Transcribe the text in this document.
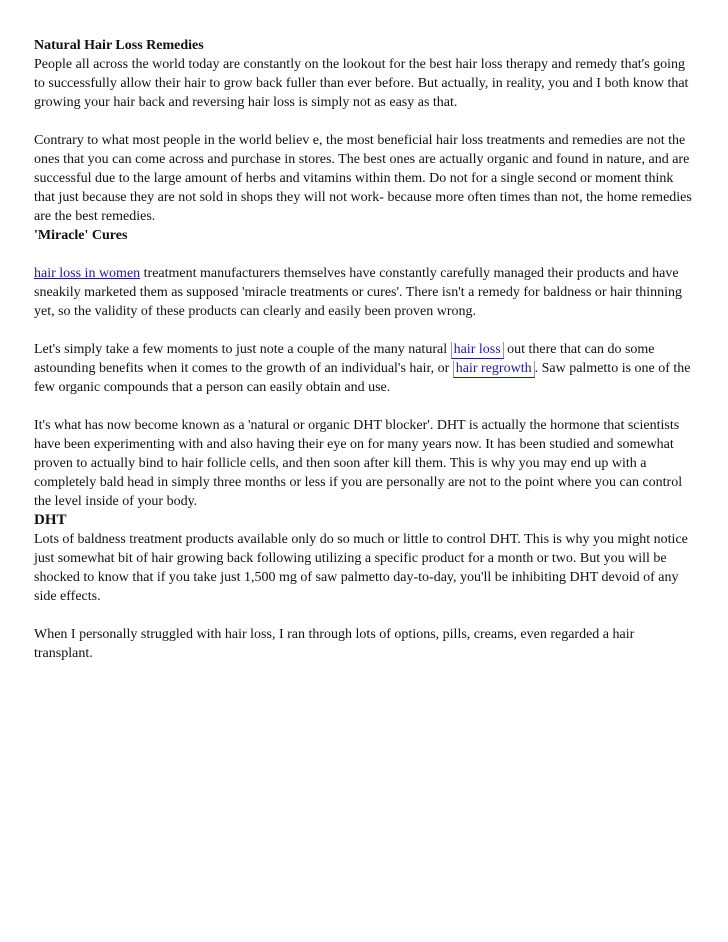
Natural Hair Loss Remedies

People all across the world today are constantly on the lookout for the best hair loss therapy and remedy that's going to successfully allow their hair to grow back fuller than ever before. But actually, in reality, you and I both know that growing your hair back and reversing hair loss is simply not as easy as that.

Contrary to what most people in the world believ e, the most beneficial hair loss treatments and remedies are not the ones that you can come across and purchase in stores. The best ones are actually organic and found in nature, and are successful due to the large amount of herbs and vitamins within them. Do not for a single second or moment think that just because they are not sold in shops they will not work- because more often times than not, the home remedies are the best remedies.

'Miracle' Cures

hair loss in women treatment manufacturers themselves have constantly carefully managed their products and have sneakily marketed them as supposed 'miracle treatments or cures'. There isn't a remedy for baldness or hair thinning yet, so the validity of these products can clearly and easily been proven wrong.

Let's simply take a few moments to just note a couple of the many natural hair loss out there that can do some astounding benefits when it comes to the growth of an individual's hair, or hair regrowth . Saw palmetto is one of the few organic compounds that a person can easily obtain and use.

It's what has now become known as a 'natural or organic DHT blocker'. DHT is actually the hormone that scientists have been experimenting with and also having their eye on for many years now. It has been studied and somewhat proven to actually bind to hair follicle cells, and then soon after kill them. This is why you may end up with a completely bald head in simply three months or less if you are personally are not to the point where you can control the level inside of your body.

DHT

Lots of baldness treatment products available only do so much or little to control DHT. This is why you might notice just somewhat bit of hair growing back following utilizing a specific product for a month or two. But you will be shocked to know that if you take just 1,500 mg of saw palmetto day-to-day, you'll be inhibiting DHT devoid of any side effects.

When I personally struggled with hair loss, I ran through lots of options, pills, creams, even regarded a hair transplant.
